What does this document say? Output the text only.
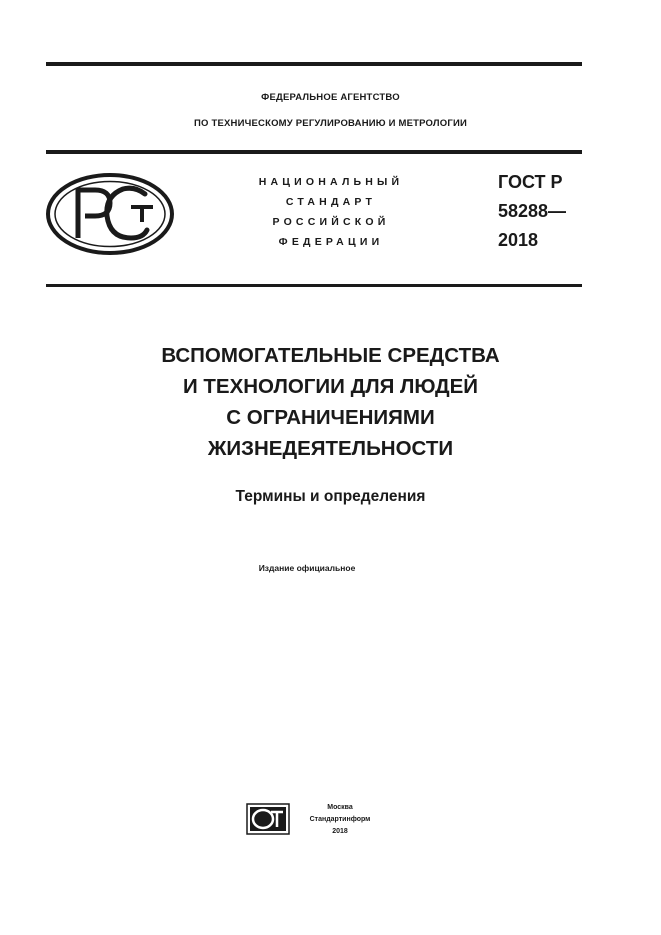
ФЕДЕРАЛЬНОЕ АГЕНТСТВО
ПО ТЕХНИЧЕСКОМУ РЕГУЛИРОВАНИЮ И МЕТРОЛОГИИ
НАЦИОНАЛЬНЫЙ
СТАНДАРТ
РОССИЙСКОЙ
ФЕДЕРАЦИИ
ГОСТ Р
58288—
2018
ВСПОМОГАТЕЛЬНЫЕ СРЕДСТВА
И ТЕХНОЛОГИИ ДЛЯ ЛЮДЕЙ
С ОГРАНИЧЕНИЯМИ
ЖИЗНЕДЕЯТЕЛЬНОСТИ
Термины и определения
Издание официальное
Москва
Стандартинформ
2018
